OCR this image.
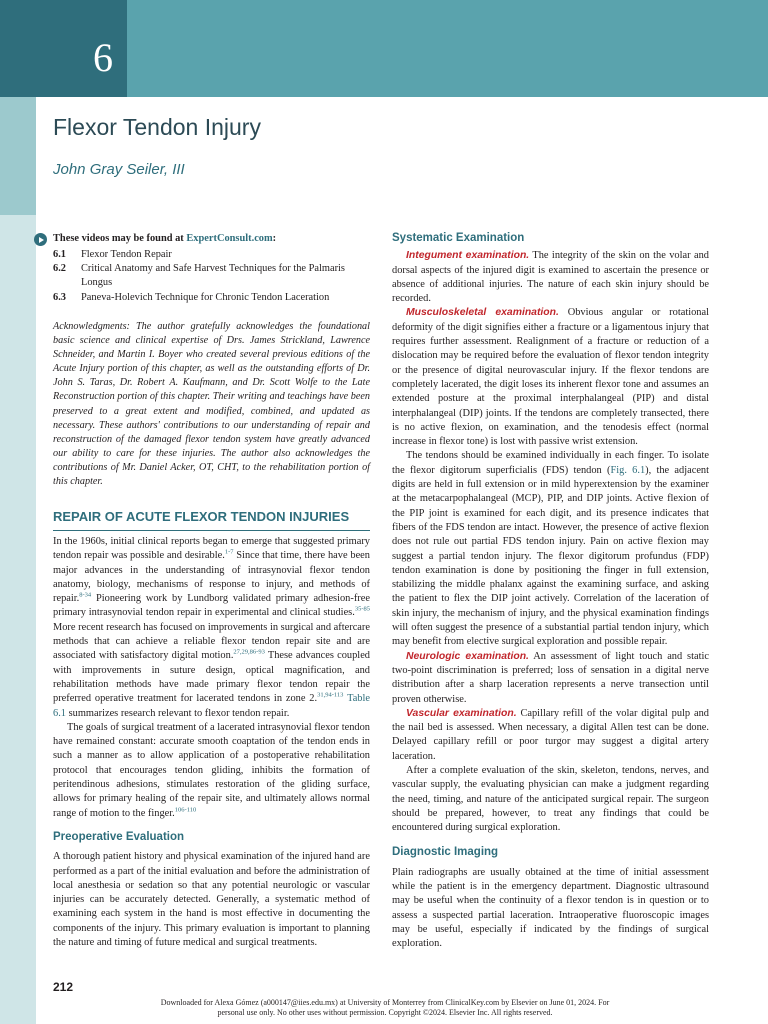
6
Flexor Tendon Injury
John Gray Seiler, III
These videos may be found at ExpertConsult.com:
6.1	Flexor Tendon Repair
6.2	Critical Anatomy and Safe Harvest Techniques for the Palmaris Longus
6.3	Paneva-Holevich Technique for Chronic Tendon Laceration

Acknowledgments: The author gratefully acknowledges the foundational basic science and clinical expertise of Drs. James Strickland, Lawrence Schneider, and Martin I. Boyer who created several previous editions of the Acute Injury portion of this chapter, as well as the outstanding efforts of Dr. John S. Taras, Dr. Robert A. Kaufmann, and Dr. Scott Wolfe to the Late Reconstruction portion of this chapter. Their writing and teachings have been preserved to a great extent and modified, combined, and updated as necessary. These authors' contributions to our understanding of repair and reconstruction of the damaged flexor tendon system have greatly advanced our ability to care for these injuries. The author also acknowledges the contributions of Mr. Daniel Acker, OT, CHT, to the rehabilitation portion of this chapter.

REPAIR OF ACUTE FLEXOR TENDON INJURIES

In the 1960s, initial clinical reports began to emerge that suggested primary tendon repair was possible and desirable.$^{1-7}$ Since that time, there have been major advances in the understanding of intrasynovial flexor tendon anatomy, biology, mechanisms of response to injury, and methods of repair.$^{8-34}$ Pioneering work by Lundborg validated primary adhesion-free primary intrasynovial tendon repair in experimental and clinical studies.$^{35-85}$ More recent research has focused on improvements in surgical and aftercare methods that can achieve a reliable flexor tendon repair site and are associated with satisfactory digital motion.$^{27,29,86-93}$ These advances coupled with improvements in suture design, optical magnification, and rehabilitation methods have made primary flexor tendon repair the preferred operative treatment for lacerated tendons in zone 2.$^{31,94-113}$ Table 6.1 summarizes research relevant to flexor tendon repair.

The goals of surgical treatment of a lacerated intrasynovial flexor tendon have remained constant: accurate smooth coaptation of the tendon ends in such a manner as to allow application of a postoperative rehabilitation protocol that encourages tendon gliding, inhibits the formation of peritendinous adhesions, stimulates restoration of the gliding surface, allows for primary healing of the repair site, and ultimately allows normal range of motion to the finger.$^{106-110}$

Preoperative Evaluation

A thorough patient history and physical examination of the injured hand are performed as a part of the initial evaluation and before the administration of local anesthesia or sedation so that any potential neurologic or vascular injuries can be accurately detected. Generally, a systematic method of examining each system in the hand is most effective in documenting the components of the injury. This primary evaluation is important to planning the nature and timing of future medical and surgical treatments.

Systematic Examination

Integument examination. The integrity of the skin on the volar and dorsal aspects of the injured digit is examined to ascertain the presence or absence of additional injuries. The nature of each skin injury should be recorded.

Musculoskeletal examination. Obvious angular or rotational deformity of the digit signifies either a fracture or a ligamentous injury that requires further assessment. Realignment of a fracture or reduction of a dislocation may be required before the evaluation of flexor tendon integrity or the presence of digital neurovascular injury. If the flexor tendons are completely lacerated, the digit loses its inherent flexor tone and assumes an extended posture at the proximal interphalangeal (PIP) and distal interphalangeal (DIP) joints. If the tendons are completely transected, there is no active flexion, on examination, and the tenodesis effect (normal increase in flexor tone) is lost with passive wrist extension.

The tendons should be examined individually in each finger. To isolate the flexor digitorum superficialis (FDS) tendon (Fig. 6.1), the adjacent digits are held in full extension or in mild hyperextension by the examiner at the metacarpophalangeal (MCP), PIP, and DIP joints. Active flexion of the PIP joint is examined for each digit, and its presence indicates that fibers of the FDS tendon are intact. However, the presence of active flexion does not rule out partial FDS tendon injury. Pain on active flexion may suggest a partial tendon injury. The flexor digitorum profundus (FDP) tendon examination is done by positioning the finger in full extension, stabilizing the middle phalanx against the examining surface, and asking the patient to flex the DIP joint actively. Correlation of the laceration of skin injury, the mechanism of injury, and the physical examination findings will often suggest the presence of a substantial partial tendon injury, which may benefit from elective surgical exploration and possible repair.

Neurologic examination. An assessment of light touch and static two-point discrimination is preferred; loss of sensation in a digital nerve distribution after a sharp laceration represents a nerve transection until proven otherwise.

Vascular examination. Capillary refill of the volar digital pulp and the nail bed is assessed. When necessary, a digital Allen test can be done. Delayed capillary refill or poor turgor may suggest a digital artery laceration.

After a complete evaluation of the skin, skeleton, tendons, nerves, and vascular supply, the evaluating physician can make a judgment regarding the need, timing, and nature of the anticipated surgical repair. The surgeon should be prepared, however, to treat any findings that could be encountered during surgical exploration.

Diagnostic Imaging

Plain radiographs are usually obtained at the time of initial assessment while the patient is in the emergency department. Diagnostic ultrasound may be useful when the continuity of a flexor tendon is in question or to assess a suspected partial laceration. Intraoperative fluoroscopic images may be useful, especially if indicated by the findings of surgical exploration.

212
Downloaded for Alexa Gómez (a000147@iies.edu.mx) at University of Monterrey from ClinicalKey.com by Elsevier on June 01, 2024. For personal use only. No other uses without permission. Copyright ©2024. Elsevier Inc. All rights reserved.
